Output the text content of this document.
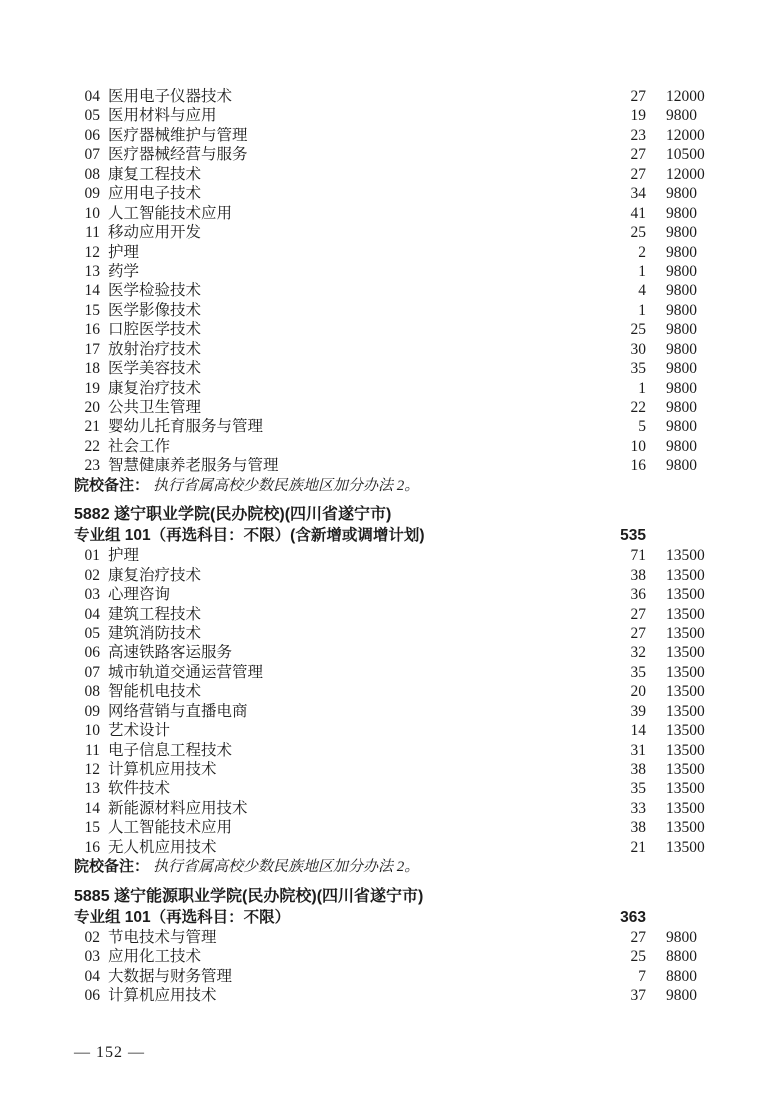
04 医用电子仪器技术	27	12000
05 医用材料与应用	19	9800
06 医疗器械维护与管理	23	12000
07 医疗器械经营与服务	27	10500
08 康复工程技术	27	12000
09 应用电子技术	34	9800
10 人工智能技术应用	41	9800
11 移动应用开发	25	9800
12 护理	2	9800
13 药学	1	9800
14 医学检验技术	4	9800
15 医学影像技术	1	9800
16 口腔医学技术	25	9800
17 放射治疗技术	30	9800
18 医学美容技术	35	9800
19 康复治疗技术	1	9800
20 公共卫生管理	22	9800
21 婴幼儿托育服务与管理	5	9800
22 社会工作	10	9800
23 智慧健康养老服务与管理	16	9800
院校备注： 执行省属高校少数民族地区加分办法 2。
5882 遂宁职业学院(民办院校)(四川省遂宁市)
专业组 101（再选科目：不限）(含新增或调增计划)	535
01 护理	71	13500
02 康复治疗技术	38	13500
03 心理咨询	36	13500
04 建筑工程技术	27	13500
05 建筑消防技术	27	13500
06 高速铁路客运服务	32	13500
07 城市轨道交通运营管理	35	13500
08 智能机电技术	20	13500
09 网络营销与直播电商	39	13500
10 艺术设计	14	13500
11 电子信息工程技术	31	13500
12 计算机应用技术	38	13500
13 软件技术	35	13500
14 新能源材料应用技术	33	13500
15 人工智能技术应用	38	13500
16 无人机应用技术	21	13500
院校备注： 执行省属高校少数民族地区加分办法 2。
5885 遂宁能源职业学院(民办院校)(四川省遂宁市)
专业组 101（再选科目：不限）	363
02 节电技术与管理	27	9800
03 应用化工技术	25	8800
04 大数据与财务管理	7	8800
06 计算机应用技术	37	9800
— 152 —
